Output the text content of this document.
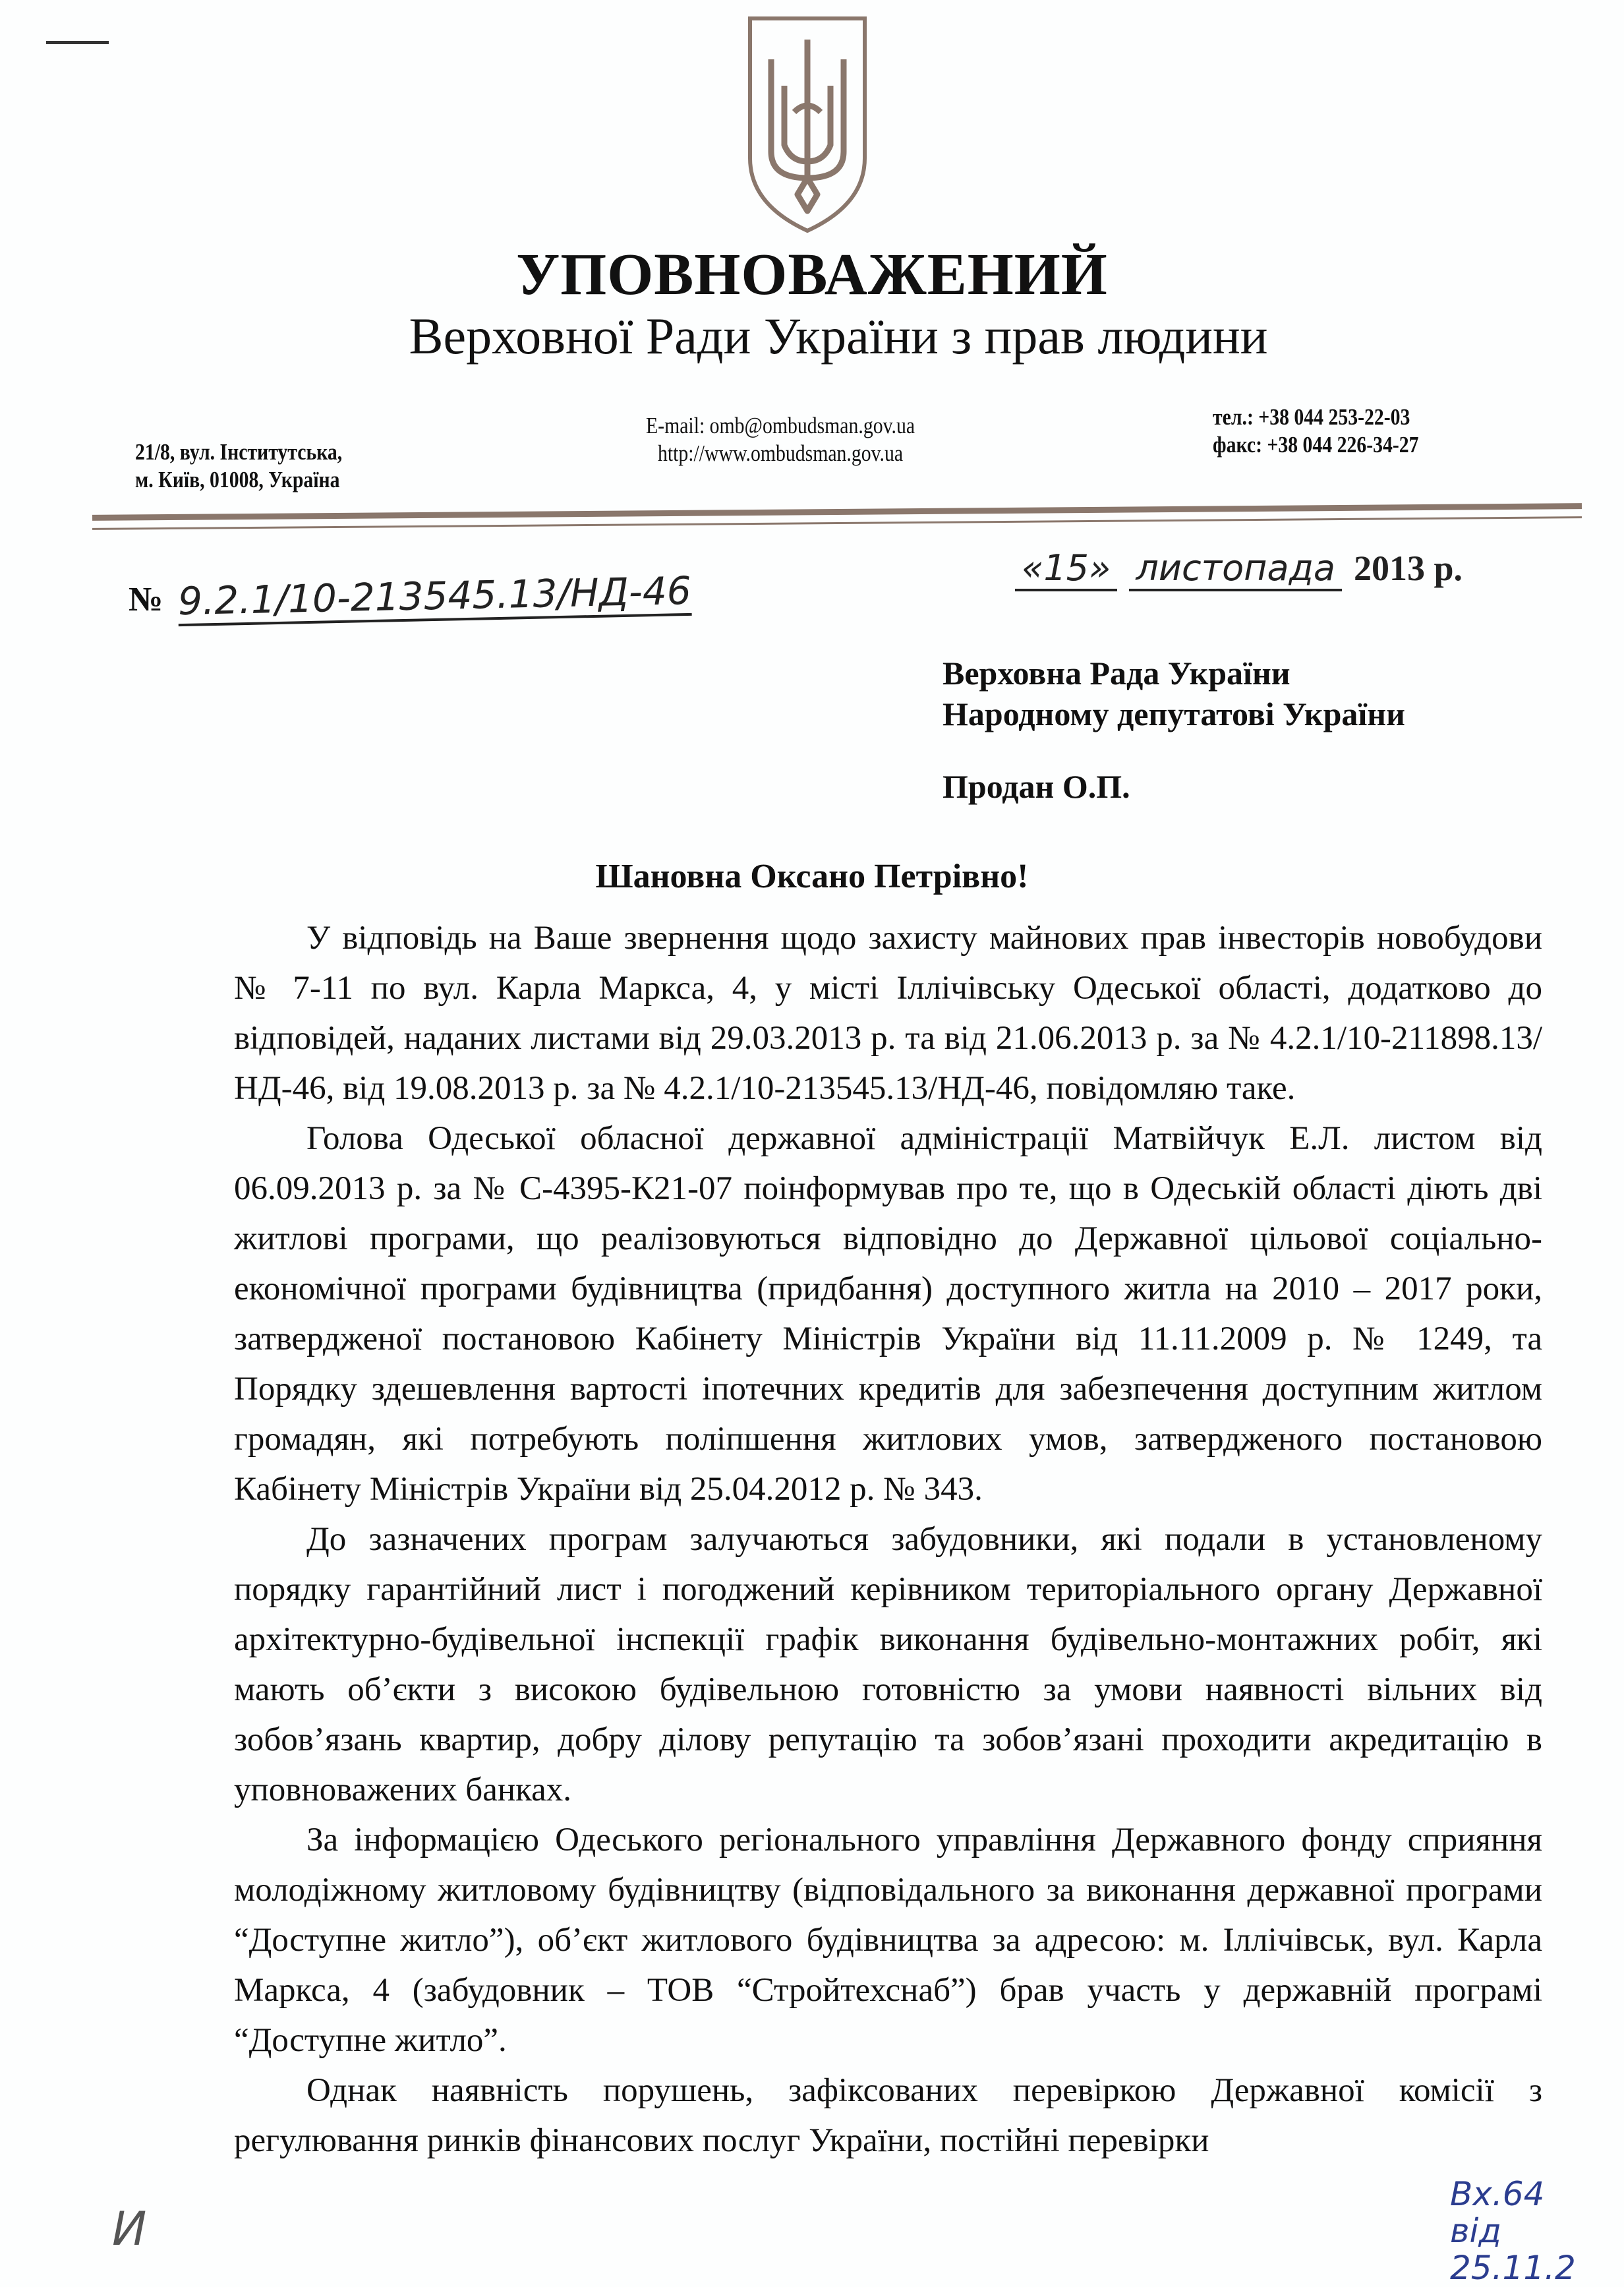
УПОВНОВАЖЕНИЙ
Верховної Ради України з прав людини
21/8, вул. Інститутська,
м. Київ, 01008, Україна
E-mail: omb@ombudsman.gov.ua
http://www.ombudsman.gov.ua
тел.: +38 044 253-22-03
факс: +38 044 226-34-27
№ 9.2.1/10-213545.13/НД-46
«15» листопада 2013 р.
Верховна Рада України
Народному депутатові України
Продан О.П.
Шановна Оксано Петрівно!

У відповідь на Ваше звернення щодо захисту майнових прав інвесторів новобудови № 7-11 по вул. Карла Маркса, 4, у місті Іллічівську Одеської області, додатково до відповідей, наданих листами від 29.03.2013 р. та від 21.06.2013 р. за № 4.2.1/10-211898.13/НД-46, від 19.08.2013 р. за № 4.2.1/10-213545.13/НД-46, повідомляю таке.

Голова Одеської обласної державної адміністрації Матвійчук Е.Л. листом від 06.09.2013 р. за № С-4395-К21-07 поінформував про те, що в Одеській області діють дві житлові програми, що реалізовуються відповідно до Державної цільової соціально-економічної програми будівництва (придбання) доступного житла на 2010 – 2017 роки, затвердженої постановою Кабінету Міністрів України від 11.11.2009 р. № 1249, та Порядку здешевлення вартості іпотечних кредитів для забезпечення доступним житлом громадян, які потребують поліпшення житлових умов, затвердженого постановою Кабінету Міністрів України від 25.04.2012 р. № 343.

До зазначених програм залучаються забудовники, які подали в установленому порядку гарантійний лист і погоджений керівником територіального органу Державної архітектурно-будівельної інспекції графік виконання будівельно-монтажних робіт, які мають об’єкти з високою будівельною готовністю за умови наявності вільних від зобов’язань квартир, добру ділову репутацію та зобов’язані проходити акредитацію в уповноважених банках.

За інформацією Одеського регіонального управління Державного фонду сприяння молодіжному житловому будівництву (відповідального за виконання державної програми “Доступне житло”), об’єкт житлового будівництва за адресою: м. Іллічівськ, вул. Карла Маркса, 4 (забудовник – ТОВ “Стройтехснаб”) брав участь у державній програмі “Доступне житло”.

Однак наявність порушень, зафіксованих перевіркою Державної комісії з регулювання ринків фінансових послуг України, постійні перевірки

И
Вх.64
від 25.11.2
